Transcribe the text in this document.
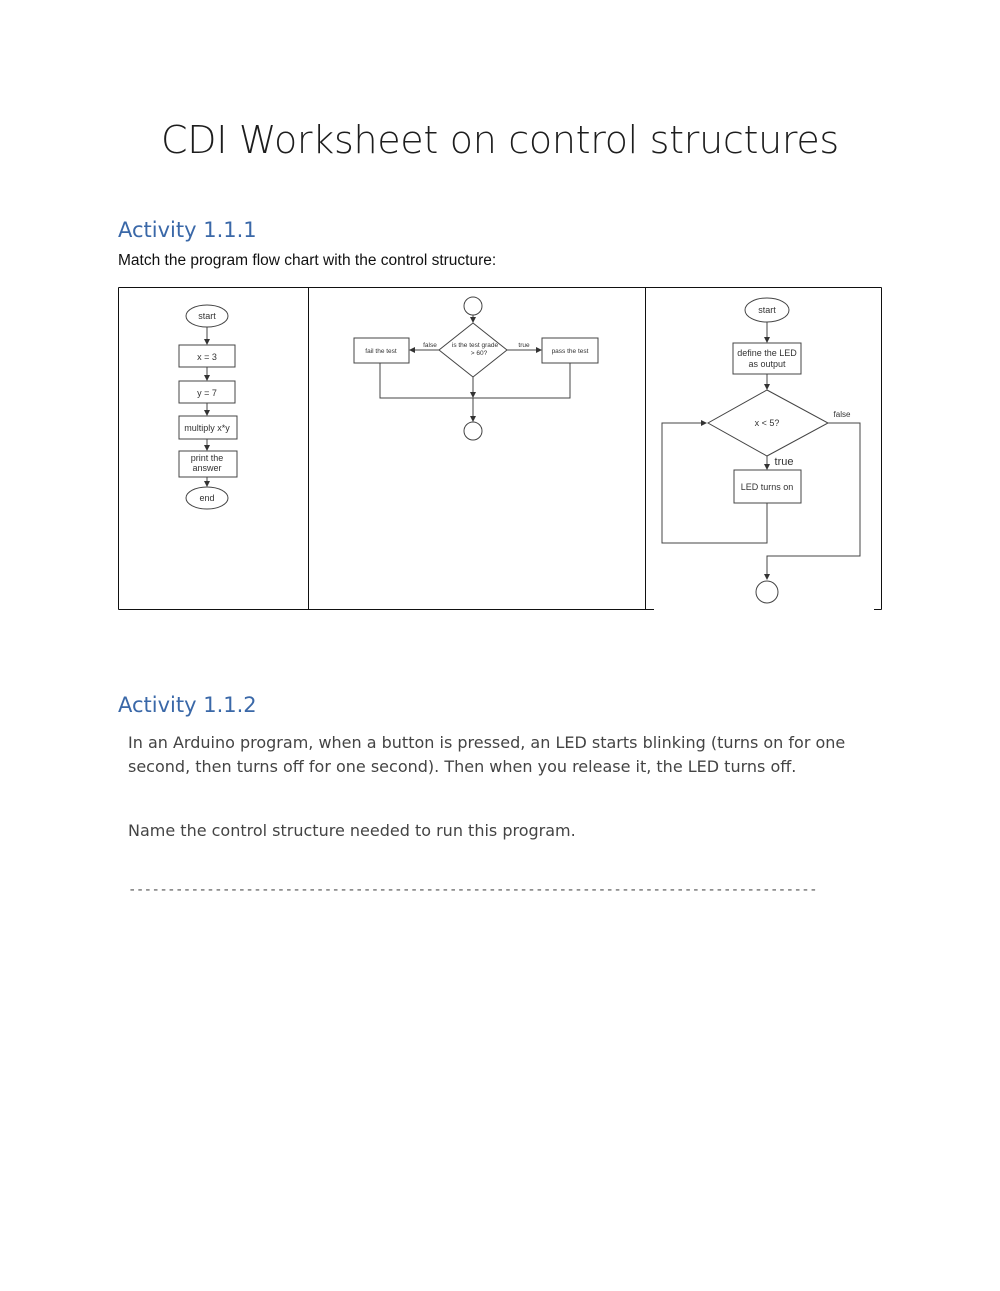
CDI Worksheet on control structures
Activity 1.1.1
Match the program flow chart with the control structure:
start
x = 3
y = 7
multiply x*y
print the
answer
end
is the test grade
> 60?
false	true
fail the test	pass the test
start
define the LED
as output
x < 5?
false
true
LED turns on
Activity 1.1.2
In an Arduino program, when a button is pressed, an LED starts blinking (turns on for one
second, then turns off for one second). Then when you release it, the LED turns off.
Name the control structure needed to run this program.
----------------------------------------------------------------------------------------
